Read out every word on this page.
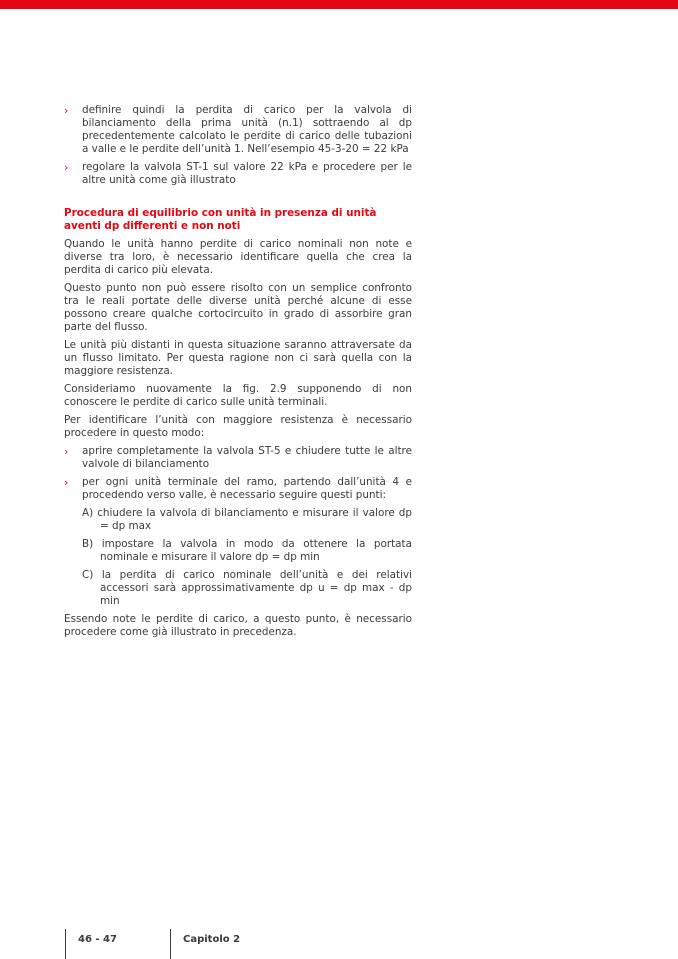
› definire quindi la perdita di carico per la valvola di bilanciamento della prima unità (n.1) sottraendo al dp precedentemente calcolato le perdite di carico delle tubazioni a valle e le perdite dell’unità 1. Nell’esempio 45-3-20 = 22 kPa
› regolare la valvola ST-1 sul valore 22 kPa e procedere per le altre unità come già illustrato
Procedura di equilibrio con unità in presenza di unità aventi dp differenti e non noti

Quando le unità hanno perdite di carico nominali non note e diverse tra loro, è necessario identificare quella che crea la perdita di carico più elevata.

Questo punto non può essere risolto con un semplice confronto tra le reali portate delle diverse unità perché alcune di esse possono creare qualche cortocircuito in grado di assorbire gran parte del flusso.

Le unità più distanti in questa situazione saranno attraversate da un flusso limitato. Per questa ragione non ci sarà quella con la maggiore resistenza.

Consideriamo nuovamente la fig. 2.9 supponendo di non conoscere le perdite di carico sulle unità terminali.

Per identificare l’unità con maggiore resistenza è necessario procedere in questo modo:

› aprire completamente la valvola ST-5 e chiudere tutte le altre valvole di bilanciamento
› per ogni unità terminale del ramo, partendo dall’unità 4 e procedendo verso valle, è necessario seguire questi punti:
A) chiudere la valvola di bilanciamento e misurare il valore dp = dp max
B) impostare la valvola in modo da ottenere la portata nominale e misurare il valore dp = dp min
C) la perdita di carico nominale dell’unità e dei relativi accessori sarà approssimativamente dp u = dp max - dp min

Essendo note le perdite di carico, a questo punto, è necessario procedere come già illustrato in precedenza.

46 - 47	Capitolo 2
